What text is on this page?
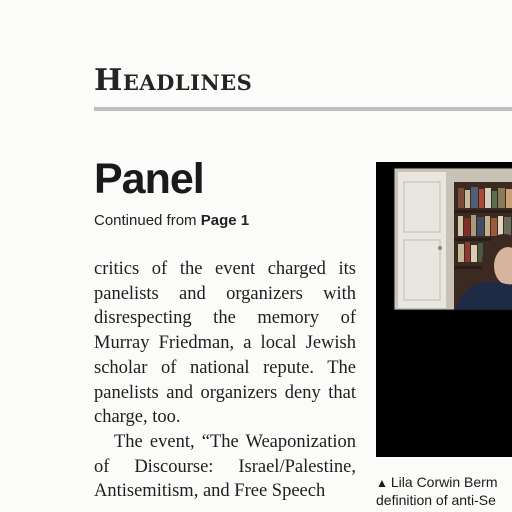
Headlines
Panel
Continued from Page 1

critics of the event charged its panelists and organizers with disrespecting the memory of Murray Friedman, a local Jewish scholar of national repute. The panelists and organizers deny that charge, too.

The event, “The Weaponization of Discourse: Israel/Palestine, Antisemitism, and Free Speech

Lila Corwin Berman
▲ Lila Corwin Berm
definition of anti-Se
